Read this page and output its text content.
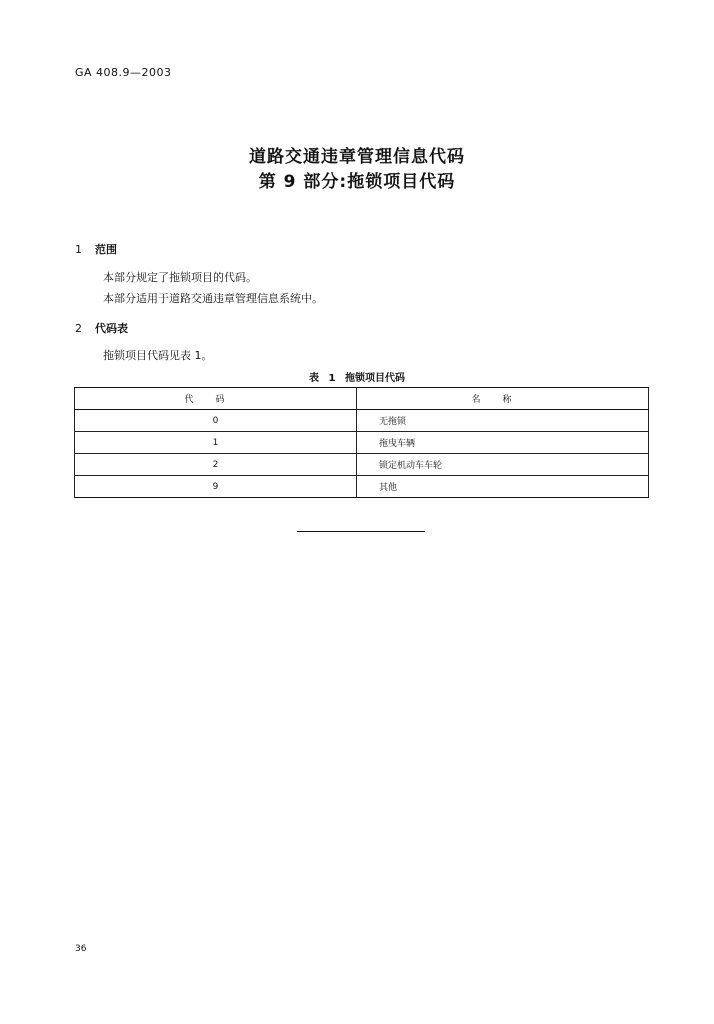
GA 408.9—2003
道路交通违章管理信息代码
第 9 部分:拖锁项目代码
1 范围
本部分规定了拖锁项目的代码。
本部分适用于道路交通违章管理信息系统中。
2 代码表
拖锁项目代码见表 1。
表 1 拖锁项目代码
代码	名称
0	无拖锁
1	拖曳车辆
2	锁定机动车车轮
9	其他
36
